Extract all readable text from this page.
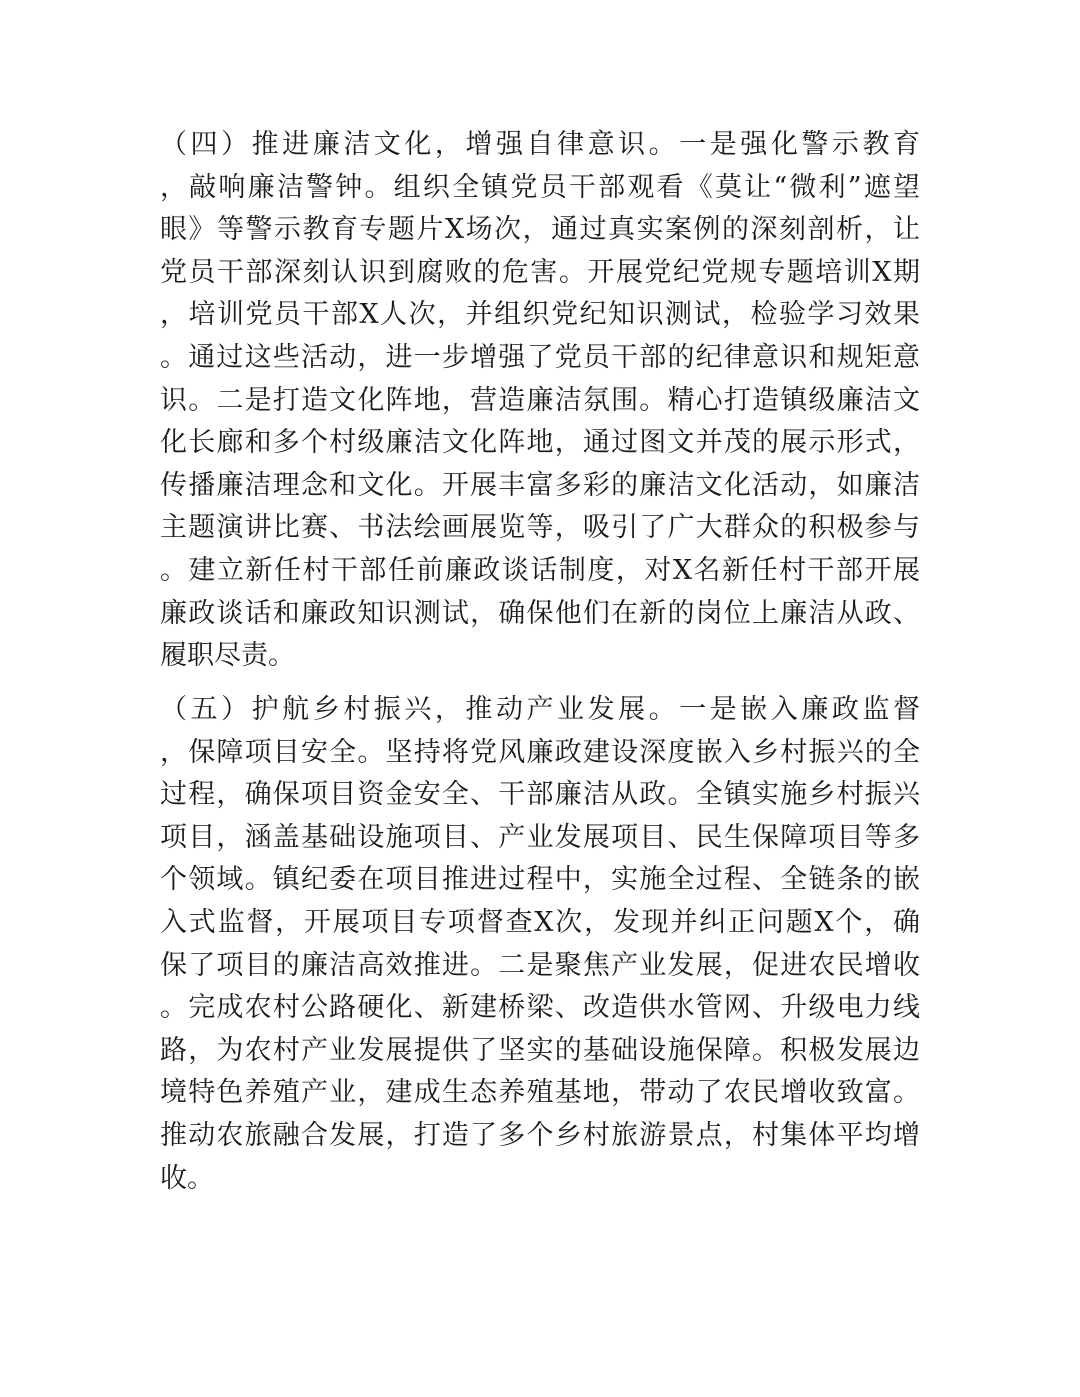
（四）推进廉洁文化，增强自律意识。一是强化警示教育
，敲响廉洁警钟。组织全镇党员干部观看《莫让“微利”遮望
眼》等警示教育专题片X场次，通过真实案例的深刻剖析，让
党员干部深刻认识到腐败的危害。开展党纪党规专题培训X期
，培训党员干部X人次，并组织党纪知识测试，检验学习效果
。通过这些活动，进一步增强了党员干部的纪律意识和规矩意
识。二是打造文化阵地，营造廉洁氛围。精心打造镇级廉洁文
化长廊和多个村级廉洁文化阵地，通过图文并茂的展示形式，
传播廉洁理念和文化。开展丰富多彩的廉洁文化活动，如廉洁
主题演讲比赛、书法绘画展览等，吸引了广大群众的积极参与
。建立新任村干部任前廉政谈话制度，对X名新任村干部开展
廉政谈话和廉政知识测试，确保他们在新的岗位上廉洁从政、
履职尽责。
（五）护航乡村振兴，推动产业发展。一是嵌入廉政监督
，保障项目安全。坚持将党风廉政建设深度嵌入乡村振兴的全
过程，确保项目资金安全、干部廉洁从政。全镇实施乡村振兴
项目，涵盖基础设施项目、产业发展项目、民生保障项目等多
个领域。镇纪委在项目推进过程中，实施全过程、全链条的嵌
入式监督，开展项目专项督查X次，发现并纠正问题X个，确
保了项目的廉洁高效推进。二是聚焦产业发展，促进农民增收
。完成农村公路硬化、新建桥梁、改造供水管网、升级电力线
路，为农村产业发展提供了坚实的基础设施保障。积极发展边
境特色养殖产业，建成生态养殖基地，带动了农民增收致富。
推动农旅融合发展，打造了多个乡村旅游景点，村集体平均增
收。
